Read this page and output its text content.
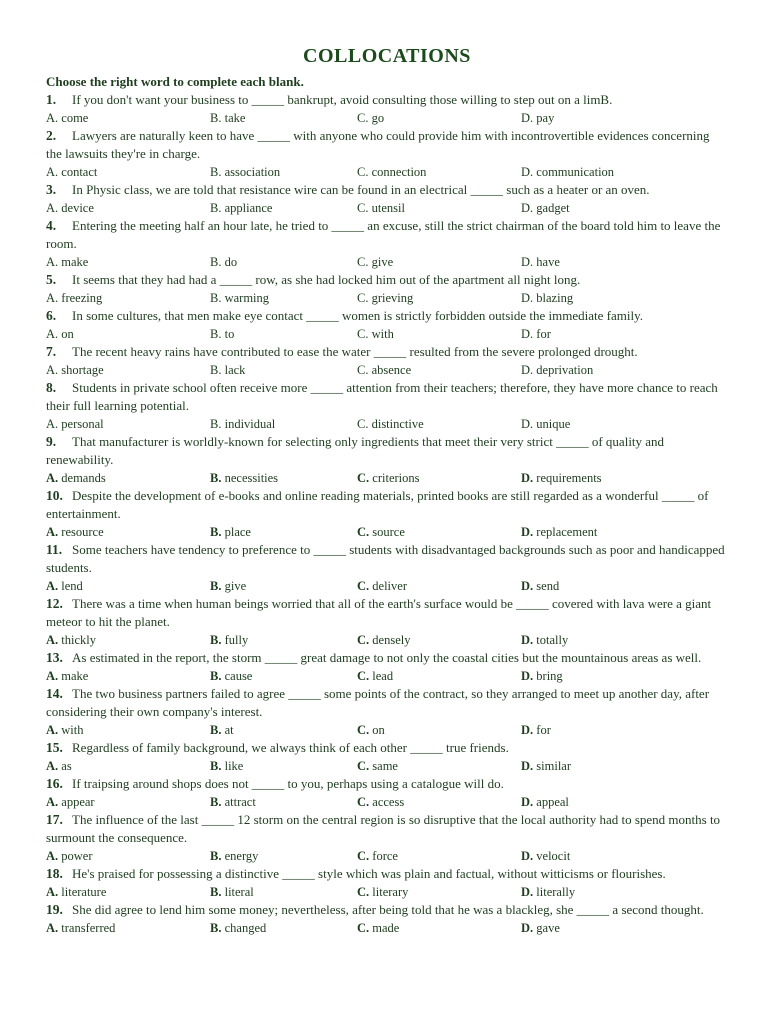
COLLOCATIONS
Choose the right word to complete each blank.

1. If you don't want your business to _____ bankrupt, avoid consulting those willing to step out on a limB.

A. come	B. take	C. go	D. pay

2. Lawyers are naturally keen to have _____ with anyone who could provide him with incontrovertible evidences concerning the lawsuits they're in charge.

A. contact	B. association	C. connection	D. communication

3. In Physic class, we are told that resistance wire can be found in an electrical _____ such as a heater or an oven.

A. device	B. appliance	C. utensil	D. gadget

4. Entering the meeting half an hour late, he tried to _____ an excuse, still the strict chairman of the board told him to leave the room.

A. make	B. do	C. give	D. have

5. It seems that they had had a _____ row, as she had locked him out of the apartment all night long.

A. freezing	B. warming	C. grieving	D. blazing

6. In some cultures, that men make eye contact _____ women is strictly forbidden outside the immediate family.

A. on	B. to	C. with	D. for

7. The recent heavy rains have contributed to ease the water _____ resulted from the severe prolonged drought.

A. shortage	B. lack	C. absence	D. deprivation

8. Students in private school often receive more _____ attention from their teachers; therefore, they have more chance to reach their full learning potential.

A. personal	B. individual	C. distinctive	D. unique

9. That manufacturer is worldly-known for selecting only ingredients that meet their very strict _____ of quality and renewability.

A. demands	B. necessities	C. criterions	D. requirements

10. Despite the development of e-books and online reading materials, printed books are still regarded as a wonderful _____ of entertainment.

A. resource	B. place	C. source	D. replacement

11. Some teachers have tendency to preference to _____ students with disadvantaged backgrounds such as poor and handicapped students.

A. lend	B. give	C. deliver	D. send

12. There was a time when human beings worried that all of the earth's surface would be _____ covered with lava were a giant meteor to hit the planet.

A. thickly	B. fully	C. densely	D. totally

13. As estimated in the report, the storm _____ great damage to not only the coastal cities but the mountainous areas as well.

A. make	B. cause	C. lead	D. bring

14. The two business partners failed to agree _____ some points of the contract, so they arranged to meet up another day, after considering their own company's interest.

A. with	B. at	C. on	D. for

15. Regardless of family background, we always think of each other _____ true friends.

A. as	B. like	C. same	D. similar

16. If traipsing around shops does not _____ to you, perhaps using a catalogue will do.

A. appear	B. attract	C. access	D. appeal

17. The influence of the last _____ 12 storm on the central region is so disruptive that the local authority had to spend months to surmount the consequence.

A. power	B. energy	C. force	D. velocit

18. He's praised for possessing a distinctive _____ style which was plain and factual, without witticisms or flourishes.

A. literature	B. literal	C. literary	D. literally

19. She did agree to lend him some money; nevertheless, after being told that he was a blackleg, she _____ a second thought.

A. transferred	B. changed	C. made	D. gave
